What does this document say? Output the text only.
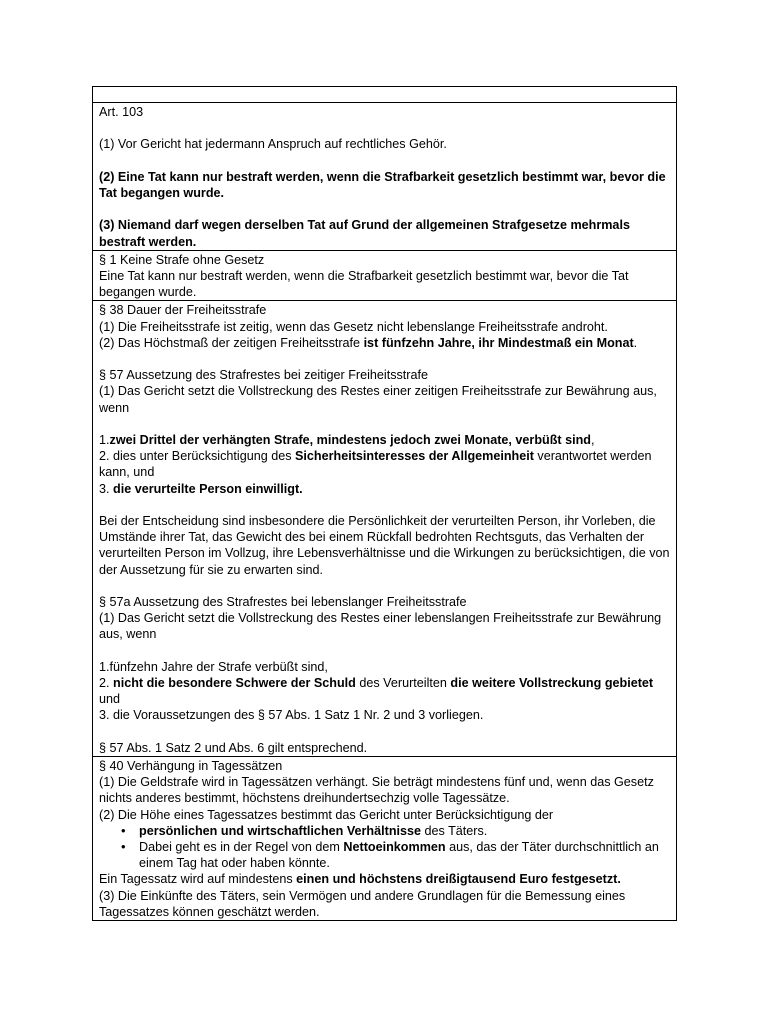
Art. 103

(1) Vor Gericht hat jedermann Anspruch auf rechtliches Gehör.

(2) Eine Tat kann nur bestraft werden, wenn die Strafbarkeit gesetzlich bestimmt war, bevor die Tat begangen wurde.

(3) Niemand darf wegen derselben Tat auf Grund der allgemeinen Strafgesetze mehrmals bestraft werden.

§ 1 Keine Strafe ohne Gesetz

Eine Tat kann nur bestraft werden, wenn die Strafbarkeit gesetzlich bestimmt war, bevor die Tat begangen wurde.

§ 38 Dauer der Freiheitsstrafe

(1) Die Freiheitsstrafe ist zeitig, wenn das Gesetz nicht lebenslange Freiheitsstrafe androht.

(2) Das Höchstmaß der zeitigen Freiheitsstrafe ist fünfzehn Jahre, ihr Mindestmaß ein Monat.

§ 57 Aussetzung des Strafrestes bei zeitiger Freiheitsstrafe

(1) Das Gericht setzt die Vollstreckung des Restes einer zeitigen Freiheitsstrafe zur Bewährung aus, wenn

1.zwei Drittel der verhängten Strafe, mindestens jedoch zwei Monate, verbüßt sind,

2. dies unter Berücksichtigung des Sicherheitsinteresses der Allgemeinheit verantwortet werden kann, und

3. die verurteilte Person einwilligt.

Bei der Entscheidung sind insbesondere die Persönlichkeit der verurteilten Person, ihr Vorleben, die Umstände ihrer Tat, das Gewicht des bei einem Rückfall bedrohten Rechtsguts, das Verhalten der verurteilten Person im Vollzug, ihre Lebensverhältnisse und die Wirkungen zu berücksichtigen, die von der Aussetzung für sie zu erwarten sind.

§ 57a Aussetzung des Strafrestes bei lebenslanger Freiheitsstrafe

(1) Das Gericht setzt die Vollstreckung des Restes einer lebenslangen Freiheitsstrafe zur Bewährung aus, wenn

1.fünfzehn Jahre der Strafe verbüßt sind,

2. nicht die besondere Schwere der Schuld des Verurteilten die weitere Vollstreckung gebietet und

3. die Voraussetzungen des § 57 Abs. 1 Satz 1 Nr. 2 und 3 vorliegen.

§ 57 Abs. 1 Satz 2 und Abs. 6 gilt entsprechend.

§ 40 Verhängung in Tagessätzen

(1) Die Geldstrafe wird in Tagessätzen verhängt. Sie beträgt mindestens fünf und, wenn das Gesetz nichts anderes bestimmt, höchstens dreihundertsechzig volle Tagessätze.

(2) Die Höhe eines Tagessatzes bestimmt das Gericht unter Berücksichtigung der

• persönlichen und wirtschaftlichen Verhältnisse des Täters.
• Dabei geht es in der Regel von dem Nettoeinkommen aus, das der Täter durchschnittlich an einem Tag hat oder haben könnte.

Ein Tagessatz wird auf mindestens einen und höchstens dreißigtausend Euro festgesetzt.

(3) Die Einkünfte des Täters, sein Vermögen und andere Grundlagen für die Bemessung eines Tagessatzes können geschätzt werden.
